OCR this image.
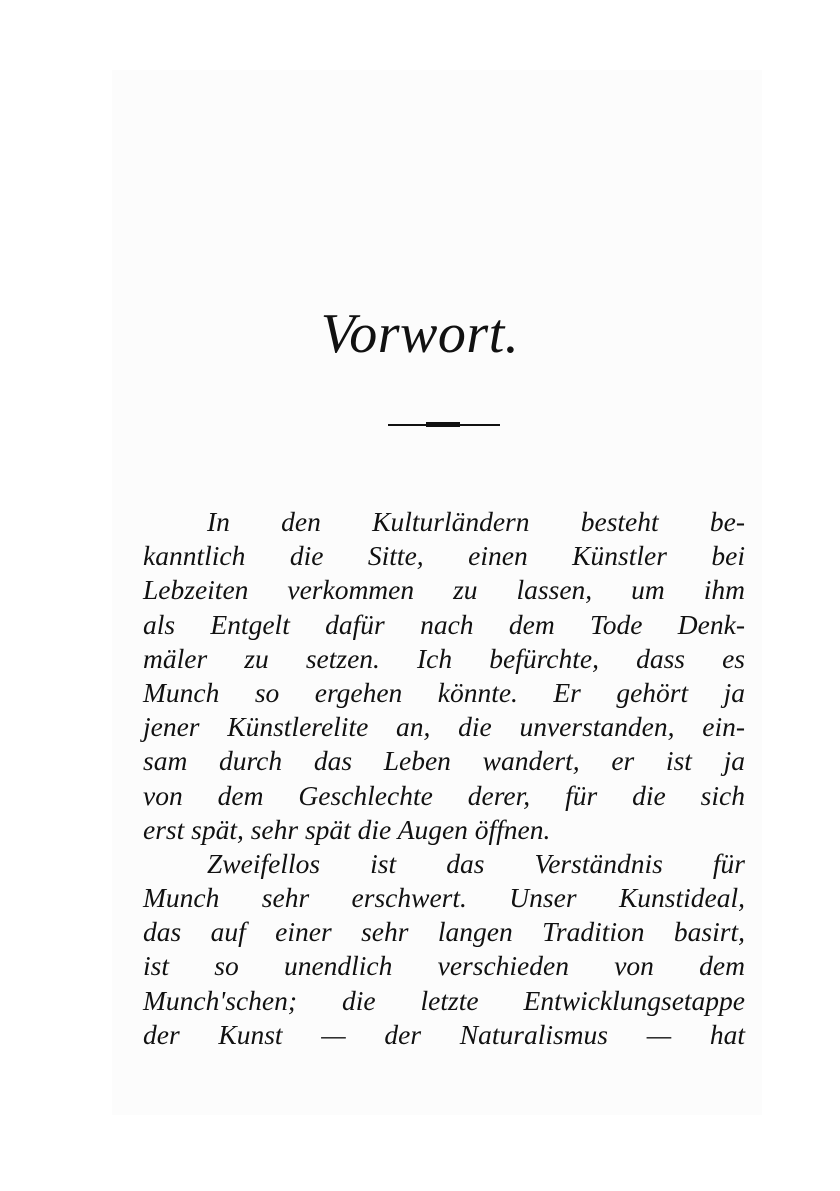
Vorwort.
In den Kulturländern besteht be-
kanntlich die Sitte, einen Künstler bei
Lebzeiten verkommen zu lassen, um ihm
als Entgelt dafür nach dem Tode Denk-
mäler zu setzen. Ich befürchte, dass es
Munch so ergehen könnte. Er gehört ja
jener Künstlerelite an, die unverstanden, ein-
sam durch das Leben wandert, er ist ja
von dem Geschlechte derer, für die sich
erst spät, sehr spät die Augen öffnen.
Zweifellos ist das Verständnis für
Munch sehr erschwert. Unser Kunstideal,
das auf einer sehr langen Tradition basirt,
ist so unendlich verschieden von dem
Munch'schen; die letzte Entwicklungsetappe
der Kunst — der Naturalismus — hat
